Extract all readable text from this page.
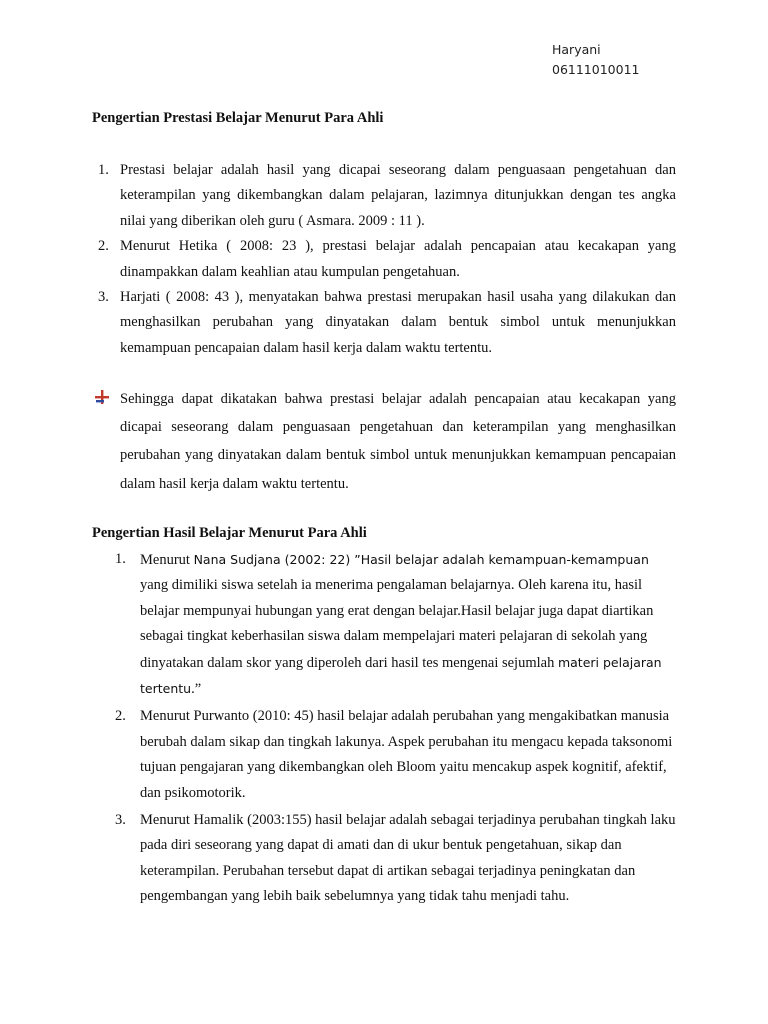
Haryani
06111010011
Pengertian Prestasi Belajar Menurut Para Ahli
1. Prestasi belajar adalah hasil yang dicapai seseorang dalam penguasaan pengetahuan dan keterampilan yang dikembangkan dalam pelajaran, lazimnya ditunjukkan dengan tes angka nilai yang diberikan oleh guru ( Asmara. 2009 : 11 ).
2. Menurut Hetika ( 2008: 23 ), prestasi belajar adalah pencapaian atau kecakapan yang dinampakkan dalam keahlian atau kumpulan pengetahuan.
3. Harjati ( 2008: 43 ), menyatakan bahwa prestasi merupakan hasil usaha yang dilakukan dan menghasilkan perubahan yang dinyatakan dalam bentuk simbol untuk menunjukkan kemampuan pencapaian dalam hasil kerja dalam waktu tertentu.
Sehingga dapat dikatakan bahwa prestasi belajar adalah pencapaian atau kecakapan yang dicapai seseorang dalam penguasaan pengetahuan dan keterampilan yang menghasilkan perubahan yang dinyatakan dalam bentuk simbol untuk menunjukkan kemampuan pencapaian dalam hasil kerja dalam waktu tertentu.
Pengertian Hasil Belajar Menurut Para Ahli
1. Menurut Nana Sudjana (2002: 22) ”Hasil belajar adalah kemampuan-kemampuan yang dimiliki siswa setelah ia menerima pengalaman belajarnya. Oleh karena itu, hasil belajar mempunyai hubungan yang erat dengan belajar.Hasil belajar juga dapat diartikan sebagai tingkat keberhasilan siswa dalam mempelajari materi pelajaran di sekolah yang dinyatakan dalam skor yang diperoleh dari hasil tes mengenai sejumlah materi pelajaran tertentu.”
2. Menurut Purwanto (2010: 45) hasil belajar adalah perubahan yang mengakibatkan manusia berubah dalam sikap dan tingkah lakunya. Aspek perubahan itu mengacu kepada taksonomi tujuan pengajaran yang dikembangkan oleh Bloom yaitu mencakup aspek kognitif, afektif, dan psikomotorik.
3. Menurut Hamalik (2003:155) hasil belajar adalah sebagai terjadinya perubahan tingkah laku pada diri seseorang yang dapat di amati dan di ukur bentuk pengetahuan, sikap dan keterampilan. Perubahan tersebut dapat di artikan sebagai terjadinya peningkatan dan pengembangan yang lebih baik sebelumnya yang tidak tahu menjadi tahu.
